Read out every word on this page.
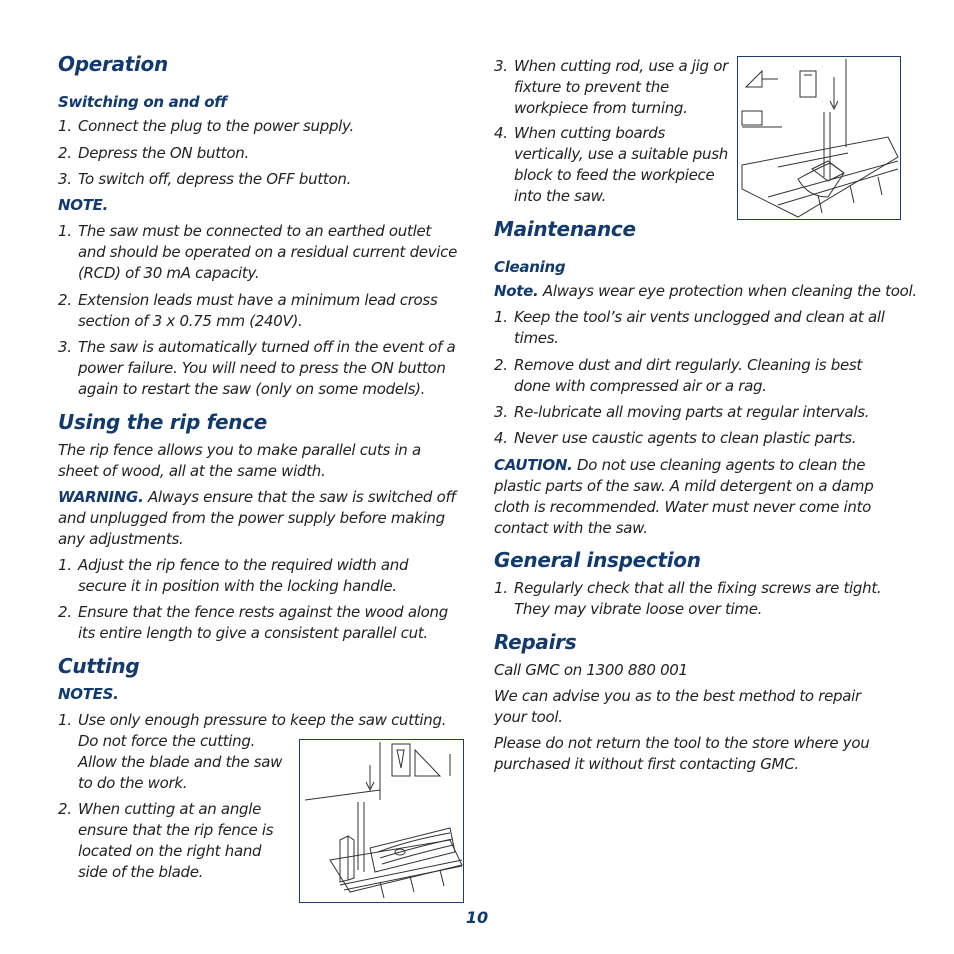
Operation
Switching on and off
1. Connect the plug to the power supply.
2. Depress the ON button.
3. To switch off, depress the OFF button.
NOTE.
1. The saw must be connected to an earthed outlet and should be operated on a residual current device (RCD) of 30 mA capacity.
2. Extension leads must have a minimum lead cross section of 3 x 0.75 mm (240V).
3. The saw is automatically turned off in the event of a power failure. You will need to press the ON button again to restart the saw (only on some models).
Using the rip fence
The rip fence allows you to make parallel cuts in a sheet of wood, all at the same width.
WARNING. Always ensure that the saw is switched off and unplugged from the power supply before making any adjustments.
1. Adjust the rip fence to the required width and secure it in position with the locking handle.
2. Ensure that the fence rests against the wood along its entire length to give a consistent parallel cut.
Cutting
NOTES.
1. Use only enough pressure to keep the saw cutting.
Do not force the cutting. Allow the blade and the saw to do the work.
2. When cutting at an angle ensure that the rip fence is located on the right hand side of the blade.
3. When cutting rod, use a jig or fixture to prevent the workpiece from turning.
4. When cutting boards vertically, use a suitable push block to feed the workpiece into the saw.
Maintenance
Cleaning
Note. Always wear eye protection when cleaning the tool.
1. Keep the tool’s air vents unclogged and clean at all times.
2. Remove dust and dirt regularly. Cleaning is best done with compressed air or a rag.
3. Re-lubricate all moving parts at regular intervals.
4. Never use caustic agents to clean plastic parts.
CAUTION. Do not use cleaning agents to clean the plastic parts of the saw. A mild detergent on a damp cloth is recommended. Water must never come into contact with the saw.
General inspection
1. Regularly check that all the fixing screws are tight. They may vibrate loose over time.
Repairs
Call GMC on 1300 880 001
We can advise you as to the best method to repair your tool.
Please do not return the tool to the store where you purchased it without first contacting GMC.
10
